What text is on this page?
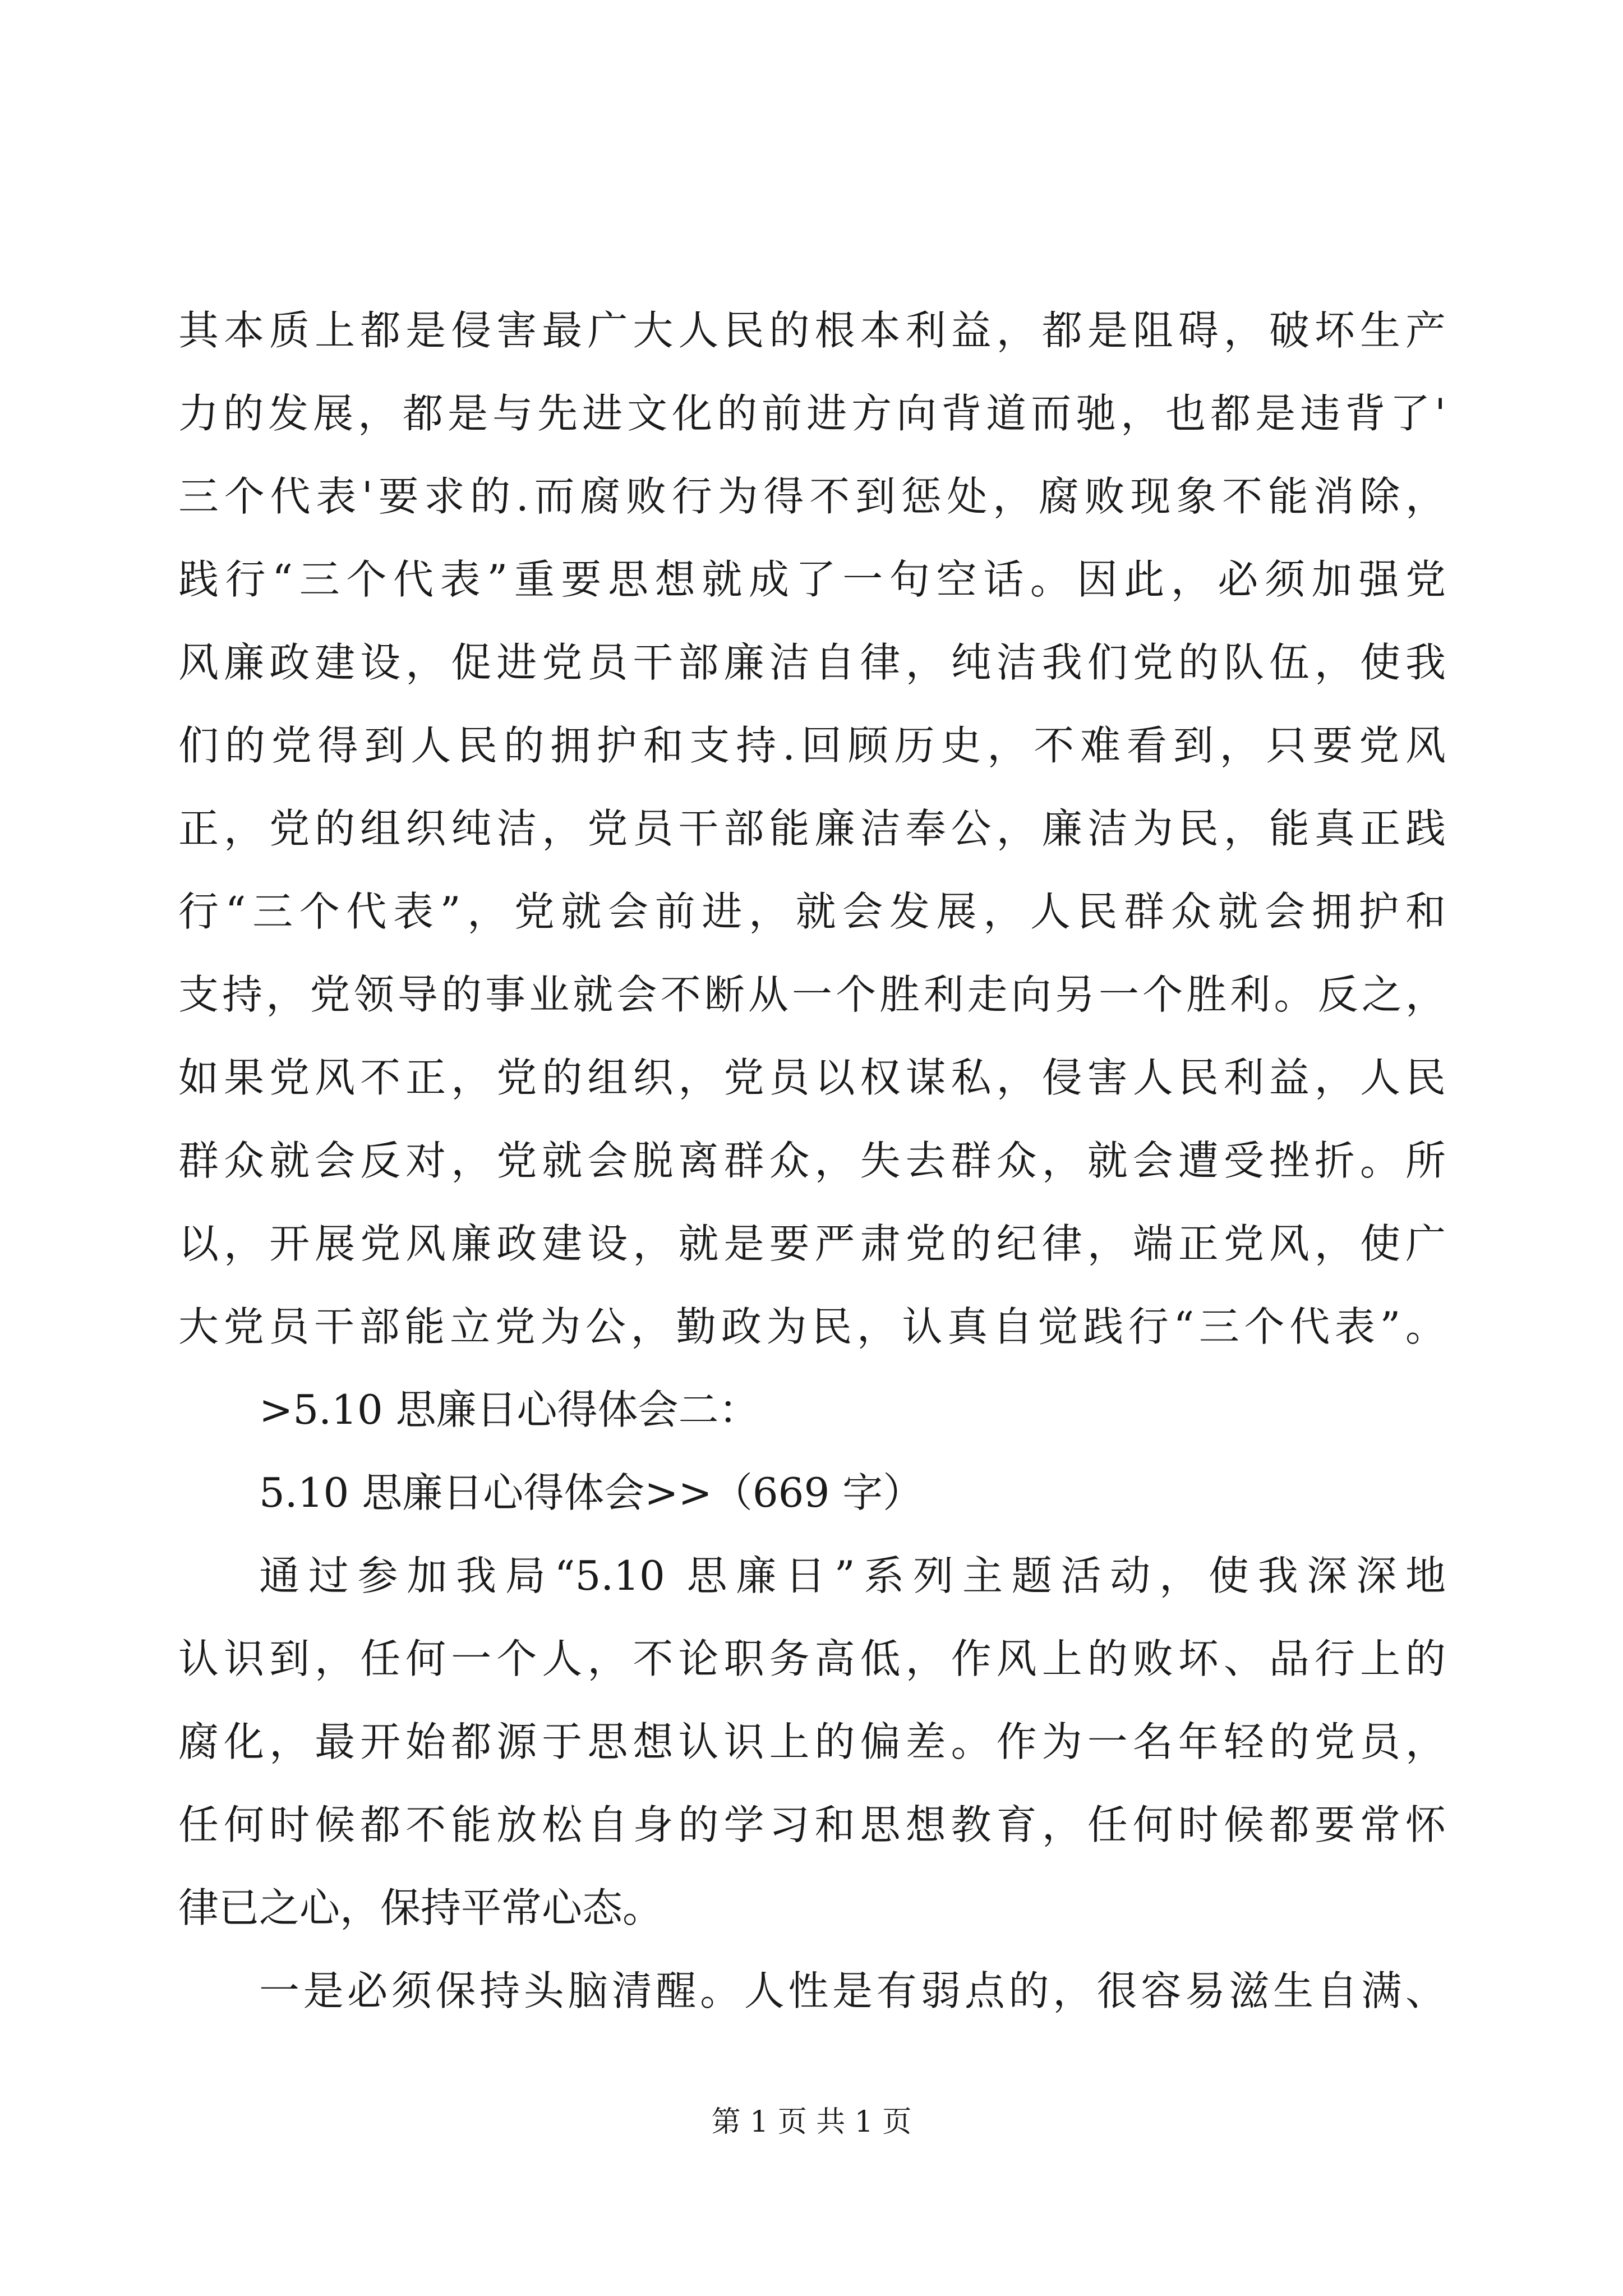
其本质上都是侵害最广大人民的根本利益，都是阻碍，破坏生产
力的发展，都是与先进文化的前进方向背道而驰，也都是违背了'
三个代表'要求的.而腐败行为得不到惩处，腐败现象不能消除，
践行“三个代表”重要思想就成了一句空话。因此，必须加强党
风廉政建设，促进党员干部廉洁自律，纯洁我们党的队伍，使我
们的党得到人民的拥护和支持.回顾历史，不难看到，只要党风
正，党的组织纯洁，党员干部能廉洁奉公，廉洁为民，能真正践
行“三个代表”，党就会前进，就会发展，人民群众就会拥护和
支持，党领导的事业就会不断从一个胜利走向另一个胜利。反之，
如果党风不正，党的组织，党员以权谋私，侵害人民利益，人民
群众就会反对，党就会脱离群众，失去群众，就会遭受挫折。所
以，开展党风廉政建设，就是要严肃党的纪律，端正党风，使广
大党员干部能立党为公，勤政为民，认真自觉践行“三个代表”。
>5.10 思廉日心得体会二：
5.10 思廉日心得体会>>（669 字）
通过参加我局“5.10 思廉日”系列主题活动，使我深深地
认识到，任何一个人，不论职务高低，作风上的败坏、品行上的
腐化，最开始都源于思想认识上的偏差。作为一名年轻的党员，
任何时候都不能放松自身的学习和思想教育，任何时候都要常怀
律已之心，保持平常心态。
一是必须保持头脑清醒。人性是有弱点的，很容易滋生自满、
第 1 页 共 1 页
